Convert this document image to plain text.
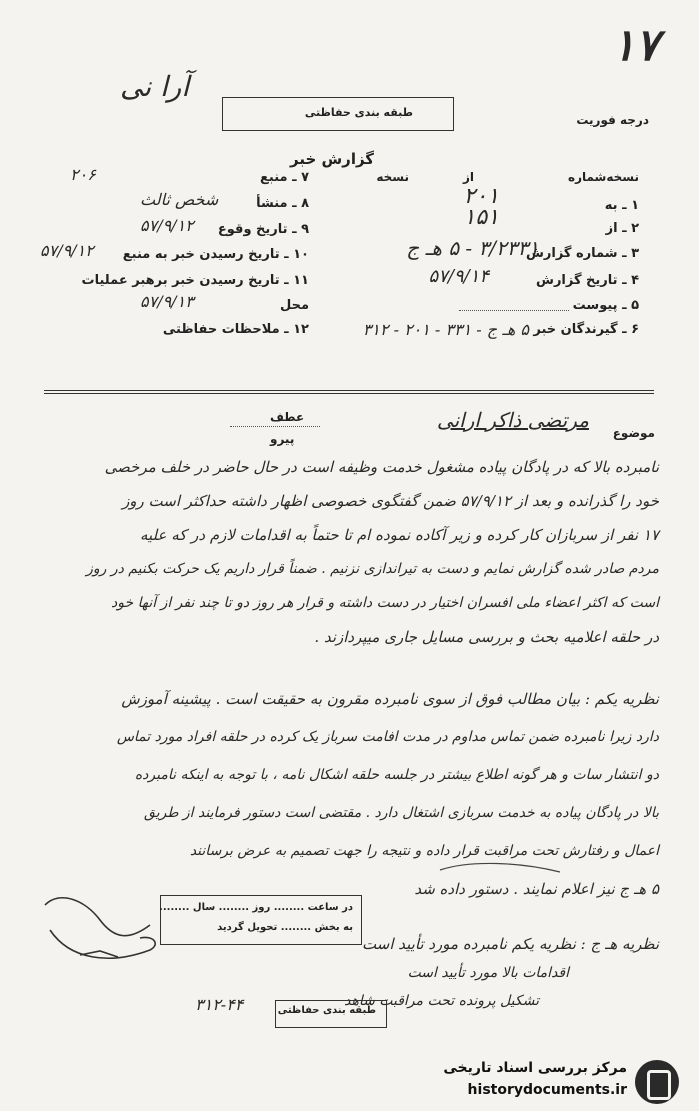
۱۷
آرا نی
طبقه بندی حفاظتی
درجه فوریت
گزارش خبر
نسخه‌شماره
از
نسخه
۱ ـ به
۲۰۱
۲ ـ از
۱۵۱
۳ ـ شماره گزارش
۳/۲۳۳۱ - ۵ هـ ج
۴ ـ تاریخ گزارش
۵۷/۹/۱۴
۵ ـ پیوست
۶ ـ گیرندگان خبر
۵ هـ ج - ۳۳۱ - ۲۰۱ - ۳۱۲
۷ ـ منبع
۲۰۶
۸ ـ منشأ
شخص ثالث
۹ ـ تاریخ وقوع
۵۷/۹/۱۲
۱۰ ـ تاریخ رسیدن خبر به منبع
۵۷/۹/۱۲
۱۱ ـ تاریخ رسیدن خبر برهبر عملیات
محل
۵۷/۹/۱۳
۱۲ ـ ملاحظات حفاظتی
موضوع
مرتضی ذاکر ارانی
عطف
پیرو
نامبرده بالا که در پادگان پیاده مشغول خدمت وظیفه است در حال حاضر در خلف مرخصی
خود را گذرانده و بعد از ۵۷/۹/۱۲ ضمن گفتگوی خصوصی اظهار داشته حداکثر است روز
۱۷ نفر از سربازان کار کرده و زیر آکاده نموده ام تا حتماً به اقدامات لازم در که علیه
مردم صادر شده گزارش نمایم و دست به تیراندازی نزنیم . ضمناً قرار داریم یک حرکت بکنیم در روز
است که اکثر اعضاء ملی افسران اختیار در دست داشته و قرار هر روز دو تا چند نفر از آنها خود
در حلقه اعلامیه بحث و بررسی مسایل جاری میپردازند .
نظریه یکم : بیان مطالب فوق از سوی نامبرده مقرون به حقیقت است . پیشینه آموزش
دارد زیرا نامبرده ضمن تماس مداوم در مدت افامت سرباز یک کرده در حلقه افراد مورد تماس
دو انتشار سات و هر گونه اطلاع بیشتر در جلسه حلقه اشکال نامه ، با توجه به اینکه نامبرده
بالا در پادگان پیاده به خدمت سربازی اشتغال دارد . مقتضی است دستور فرمایند از طریق
اعمال و رفتارش تحت مراقبت قرار داده و نتیجه را جهت تصمیم به عرض برسانند
۵ هـ ج نیز اعلام نمایند . دستور داده شد
در ساعت ........ روز ........ سال ........
به بخش ........ تحویل گردید
نظریه هـ ج : نظریه یکم نامبرده مورد تأیید است
اقدامات بالا مورد تأیید است
تشکیل پرونده تحت مراقبت شاهد
۳۱۲-۴۴	طبقه بندی حفاظتی
مرکز بررسی اسناد تاریخی
historydocuments.ir
